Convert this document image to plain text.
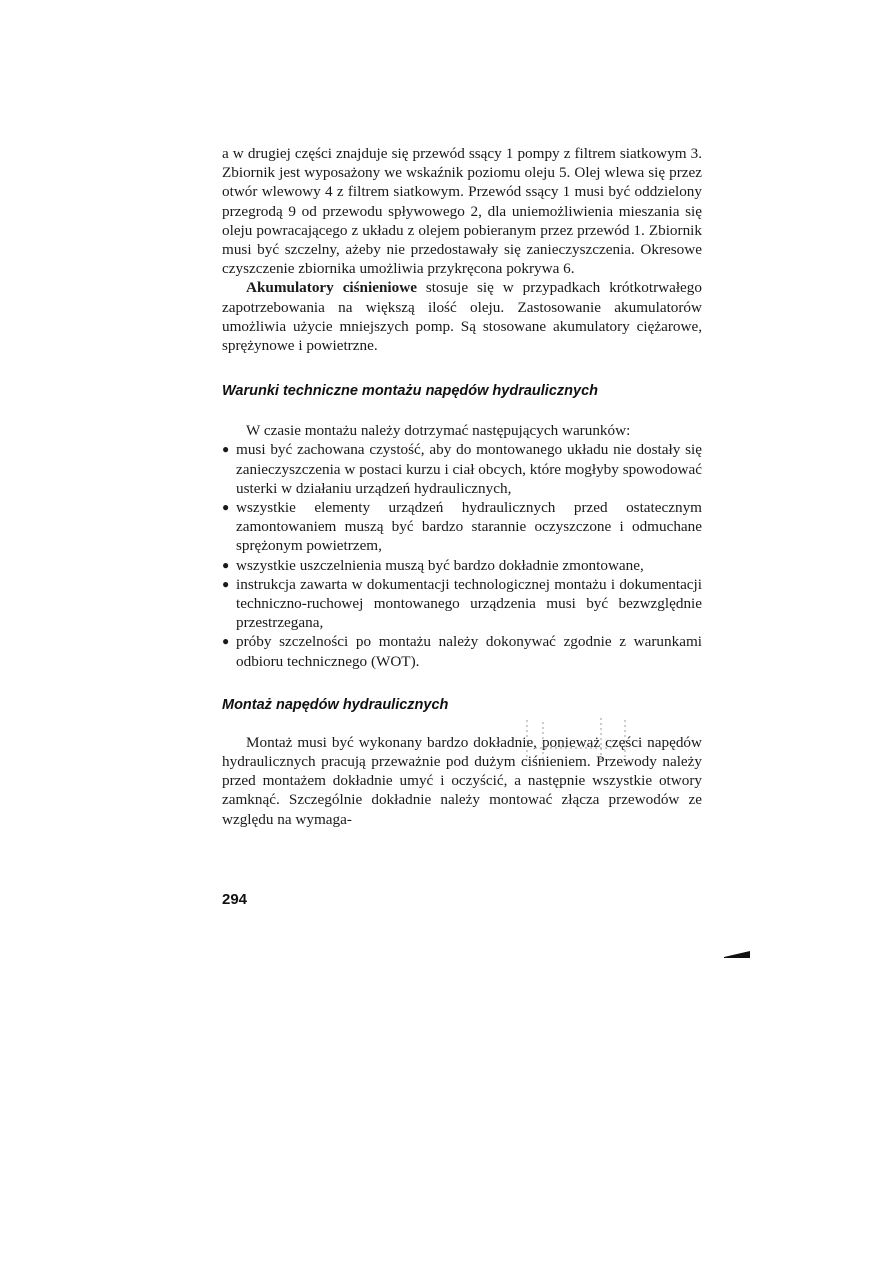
a w drugiej części znajduje się przewód ssący 1 pompy z filtrem siatkowym 3. Zbiornik jest wyposażony we wskaźnik poziomu oleju 5. Olej wlewa się przez otwór wlewowy 4 z filtrem siatkowym. Przewód ssący 1 musi być oddzielony przegrodą 9 od przewodu spływowego 2, dla uniemożliwienia mieszania się oleju powracającego z układu z olejem pobieranym przez przewód 1. Zbiornik musi być szczelny, ażeby nie przedostawały się zanieczyszczenia. Okresowe czyszczenie zbiornika umożliwia przykręcona pokrywa 6.

Akumulatory ciśnieniowe stosuje się w przypadkach krótkotrwałego zapotrzebowania na większą ilość oleju. Zastosowanie akumulatorów umożliwia użycie mniejszych pomp. Są stosowane akumulatory ciężarowe, sprężynowe i powietrzne.

Warunki techniczne montażu napędów hydraulicznych

W czasie montażu należy dotrzymać następujących warunków:

● musi być zachowana czystość, aby do montowanego układu nie dostały się zanieczyszczenia w postaci kurzu i ciał obcych, które mogłyby spowodować usterki w działaniu urządzeń hydraulicznych,
● wszystkie elementy urządzeń hydraulicznych przed ostatecznym zamontowaniem muszą być bardzo starannie oczyszczone i odmuchane sprężonym powietrzem,
● wszystkie uszczelnienia muszą być bardzo dokładnie zmontowane,
● instrukcja zawarta w dokumentacji technologicznej montażu i dokumentacji techniczno-ruchowej montowanego urządzenia musi być bezwzględnie przestrzegana,
● próby szczelności po montażu należy dokonywać zgodnie z warunkami odbioru technicznego (WOT).
Montaż napędów hydraulicznych

Montaż musi być wykonany bardzo dokładnie, ponieważ części napędów hydraulicznych pracują przeważnie pod dużym ciśnieniem. Przewody należy przed montażem dokładnie umyć i oczyścić, a następnie wszystkie otwory zamknąć. Szczególnie dokładnie należy montować złącza przewodów ze względu na wymaga-

294
